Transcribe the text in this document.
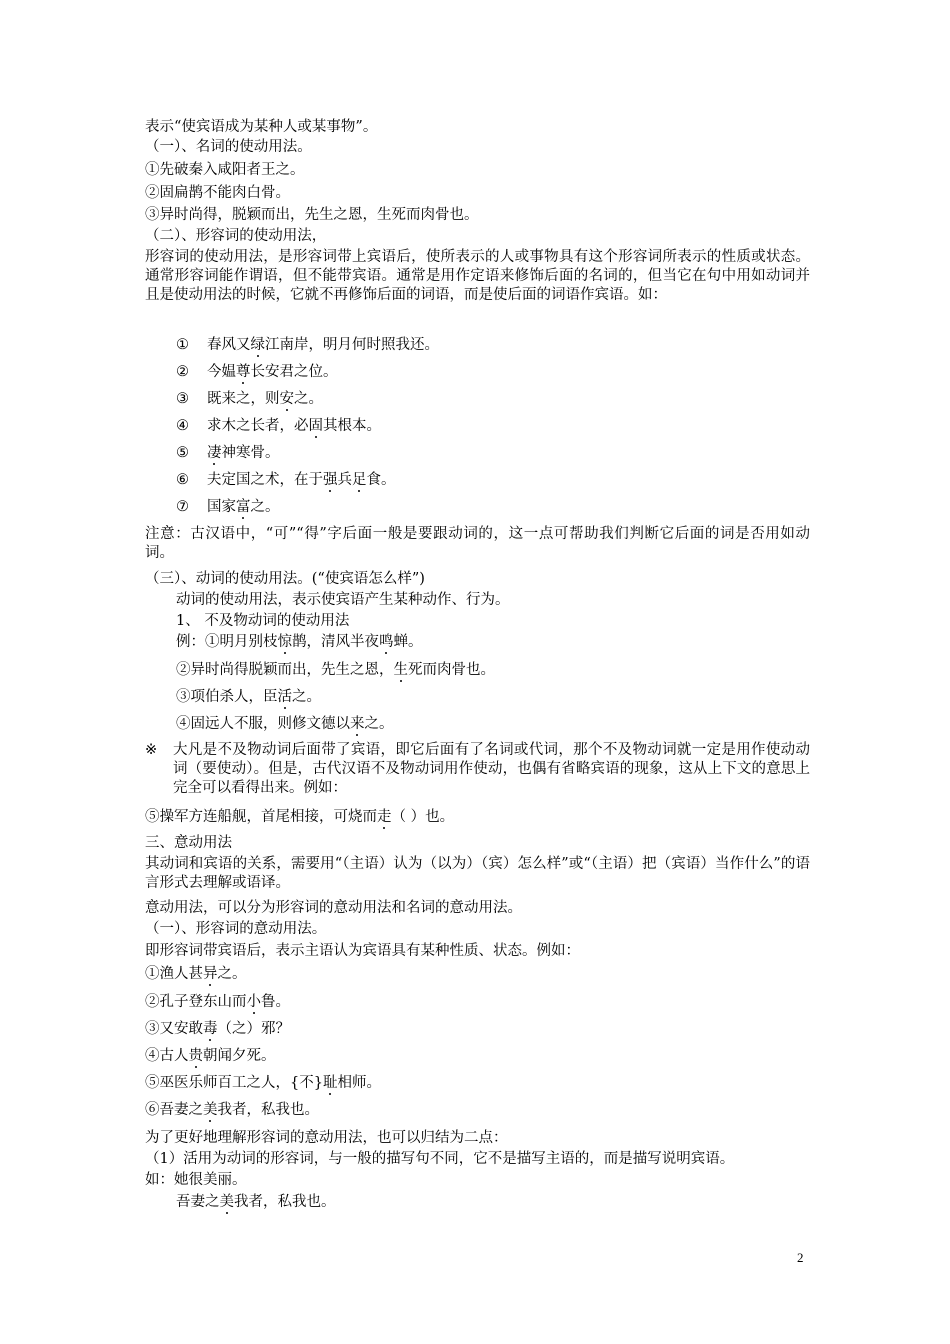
表示“使宾语成为某种人或某事物”。
（一）、名词的使动用法。
①先破秦入咸阳者王之。
②固扁鹊不能肉白骨。
③异时尚得，脱颖而出，先生之恩，生死而肉骨也。
（二）、形容词的使动用法，
形容词的使动用法，是形容词带上宾语后，使所表示的人或事物具有这个形容词所表示的性质或状态。通常形容词能作谓语，但不能带宾语。通常是用作定语来修饰后面的名词的，但当它在句中用如动词并且是使动用法的时候，它就不再修饰后面的词语，而是使后面的词语作宾语。如：
① 春风又绿江南岸，明月何时照我还。
② 今媪尊长安君之位。
③ 既来之，则安之。
④ 求木之长者，必固其根本。
⑤ 凄神寒骨。
⑥ 夫定国之术，在于强兵足食。
⑦ 国家富之。
注意：古汉语中，“可”“得”字后面一般是要跟动词的，这一点可帮助我们判断它后面的词是否用如动词。
（三）、动词的使动用法。(“使宾语怎么样”)
动词的使动用法，表示使宾语产生某种动作、行为。
1、 不及物动词的使动用法
例：①明月别枝惊鹊，清风半夜鸣蝉。
②异时尚得脱颖而出，先生之恩，生死而肉骨也。
③项伯杀人，臣活之。
④固远人不服，则修文德以来之。
※ 大凡是不及物动词后面带了宾语，即它后面有了名词或代词，那个不及物动词就一定是用作使动动词（要使动）。但是，古代汉语不及物动词用作使动，也偶有省略宾语的现象，这从上下文的意思上完全可以看得出来。例如：
⑤操军方连船舰，首尾相接，可烧而走（ ）也。
三、意动用法
其动词和宾语的关系，需要用“（主语）认为（以为）（宾）怎么样”或“（主语）把（宾语）当作什么”的语言形式去理解或语译。
意动用法，可以分为形容词的意动用法和名词的意动用法。
（一）、形容词的意动用法。
即形容词带宾语后，表示主语认为宾语具有某种性质、状态。例如：
①渔人甚异之。
②孔子登东山而小鲁。
③又安敢毒（之）邪？
④古人贵朝闻夕死。
⑤巫医乐师百工之人，{不}耻相师。
⑥吾妻之美我者，私我也。
为了更好地理解形容词的意动用法，也可以归结为二点：
（1）活用为动词的形容词，与一般的描写句不同，它不是描写主语的，而是描写说明宾语。
如：她很美丽。
吾妻之美我者，私我也。
2
